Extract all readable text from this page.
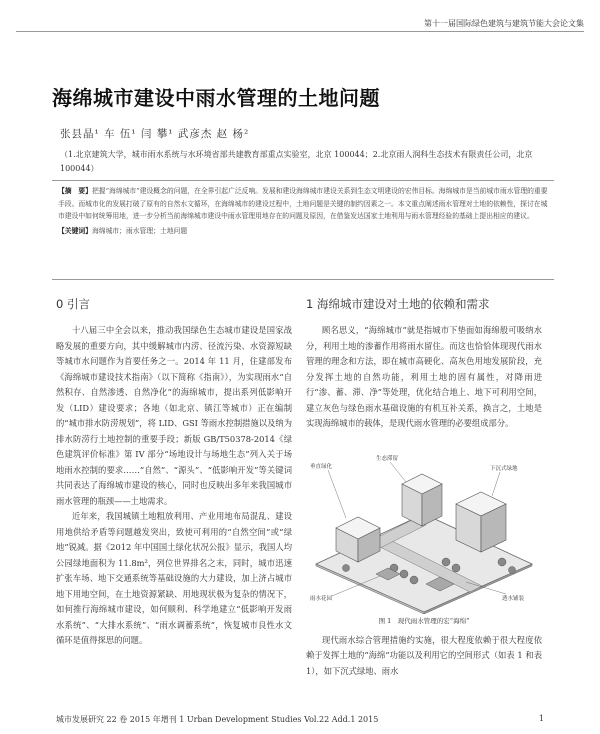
第十一届国际绿色建筑与建筑节能大会论文集
海绵城市建设中雨水管理的土地问题
张县晶¹ 车 伍¹ 闫 攀¹ 武彦杰 赵 杨²
（1.北京建筑大学，城市雨水系统与水环境省部共建教育部重点实验室，北京 100044；2.北京雨人润科生态技术有限责任公司，北京 100044）
【摘　要】把握“海绵城市”建设概念的问题，在全界引起广泛反响。发展和建设海绵城市建设关系到生态文明建设的宏伟目标。海绵城市是当前城市雨水管理的重要手段。而城市化的发展打破了原有的自然水文循环，在海绵城市的建设过程中，土地问题是关键的制约因素之一。本文重点阐述雨水管理对土地的依赖性，探讨在城市建设中如何统筹用地，进一步分析当前海绵城市建设中雨水管理用地存在的问题及原因，在借鉴发达国家土地利用与雨水管理经验的基础上提出相应的建议。
【关键词】海绵城市；雨水管理；土地问题
0 引言

十八届三中全会以来，推动我国绿色生态城市建设是国家战略发展的重要方向，其中缓解城市内涝、径流污染、水资源短缺等城市水问题作为首要任务之一。2014 年 11 月，住建部发布《海绵城市建设技术指南》（以下简称《指南》），为实现雨水“自然积存、自然渗透、自然净化”的海绵城市，提出系列低影响开发（LID）建设要求；各地（如北京、镇江等城市）正在编制的“城市排水防涝规划”，将 LID、GSI 等雨水控制措施以及纳为排水防涝行土地控制的重要手段；新版 GB/T50378-2014《绿色建筑评价标准》第 IV 部分“场地设计与场地生态”列入关于场地雨水控制的要求……“自然”、“源头”、“低影响开发”等关键词共同表达了海绵城市建设的核心，同时也反映出多年来我国城市雨水管理的瓶颈——土地需求。

近年来，我国城镇土地粗放利用、产业用地布局混乱、建设用地供给矛盾等问题越发突出，致使可利用的“自然空间”或“绿地”锐减。据《2012 年中国国土绿化状况公报》显示，我国人均公园绿地面积为 11.8m²，列位世界排名之末，同时，城市迅速扩张车场、地下交通系统等基础设施的大力建设，加上济占城市地下用地空间，在土地资源紧缺、用地现状极为复杂的情况下，如何推行海绵城市建设，如何顺利、科学地建立“低影响开发雨水系统”、“大排水系统”、“雨水调蓄系统”，恢复城市良性水文循环是值得探思的问题。

1 海绵城市建设对土地的依赖和需求

顾名思义，“海绵城市”就是指城市下垫面如海绵般可吸纳水分，利用土地的渗蓄作用将雨水留住。而这也恰恰体现现代雨水管理的理念和方法，即在城市高硬化、高灰色用地发展阶段，充分发挥土地的自然功能，利用土地的固有属性，对降雨进行“渗、蓄、滞、净”等处理，优化结合地上、地下可利用空间，建立灰色与绿色雨水基础设施的有机互补关系，换言之，土地是实现海绵城市的载体，是现代雨水管理的必要组成部分。

垂直绿化
生态滞留
下沉式绿地
雨水花园	透水铺装
图 1　现代雨水管理的宏“海绵”

现代雨水综合管理措施约实施，很大程度依赖于很大程度依赖于发挥土地的“海绵”功能以及利用它的空间形式（如表 1 和表 1），如下沉式绿地、雨水

城市发展研究 22 卷 2015 年增刊 1 Urban Development Studies Vol.22 Add.1 2015	1
